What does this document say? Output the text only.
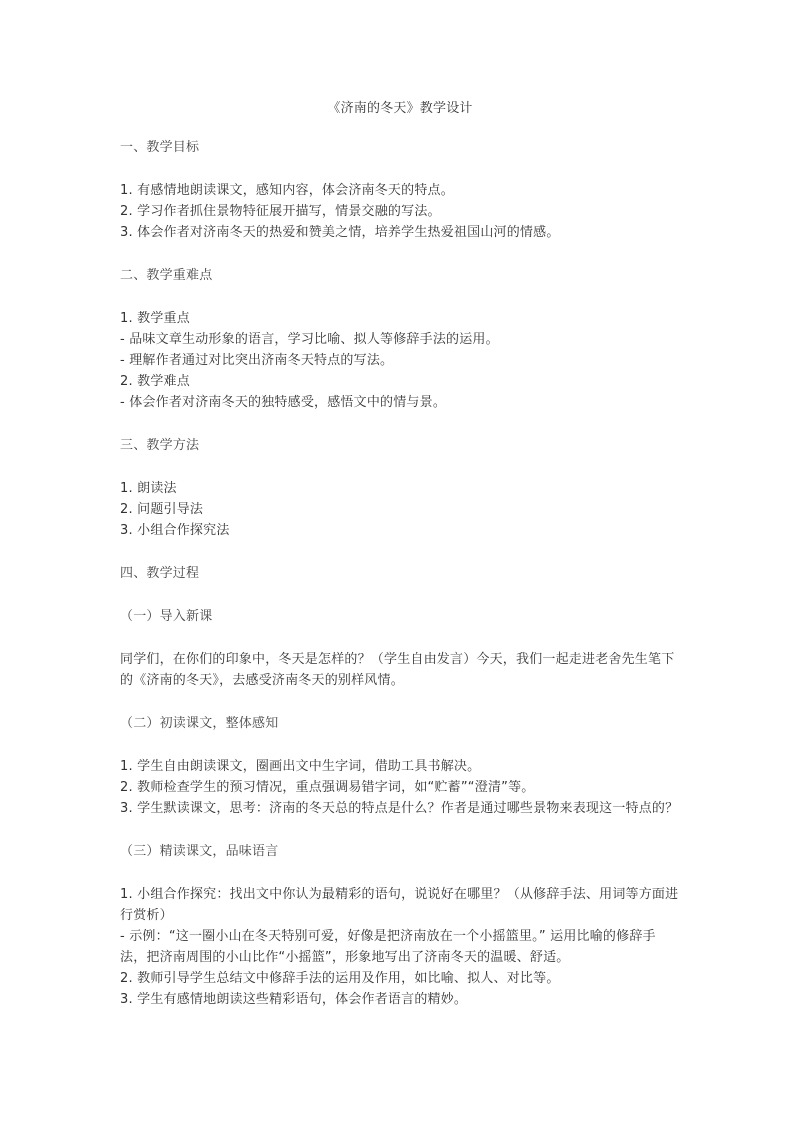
《济南的冬天》教学设计
一、教学目标
1. 有感情地朗读课文，感知内容，体会济南冬天的特点。
2. 学习作者抓住景物特征展开描写，情景交融的写法。
3. 体会作者对济南冬天的热爱和赞美之情，培养学生热爱祖国山河的情感。
二、教学重难点
1. 教学重点
- 品味文章生动形象的语言，学习比喻、拟人等修辞手法的运用。
- 理解作者通过对比突出济南冬天特点的写法。
2. 教学难点
- 体会作者对济南冬天的独特感受，感悟文中的情与景。
三、教学方法
1. 朗读法
2. 问题引导法
3. 小组合作探究法
四、教学过程
（一）导入新课

同学们，在你们的印象中，冬天是怎样的？（学生自由发言）今天，我们一起走进老舍先生笔下的《济南的冬天》，去感受济南冬天的别样风情。

（二）初读课文，整体感知
1. 学生自由朗读课文，圈画出文中生字词，借助工具书解决。
2. 教师检查学生的预习情况，重点强调易错字词，如“贮蓄”“澄清”等。
3. 学生默读课文，思考：济南的冬天总的特点是什么？作者是通过哪些景物来表现这一特点的？
（三）精读课文，品味语言
1. 小组合作探究：找出文中你认为最精彩的语句，说说好在哪里？（从修辞手法、用词等方面进行赏析）
- 示例：“这一圈小山在冬天特别可爱，好像是把济南放在一个小摇篮里。” 运用比喻的修辞手法，把济南周围的小山比作“小摇篮”，形象地写出了济南冬天的温暖、舒适。
2. 教师引导学生总结文中修辞手法的运用及作用，如比喻、拟人、对比等。
3. 学生有感情地朗读这些精彩语句，体会作者语言的精妙。
